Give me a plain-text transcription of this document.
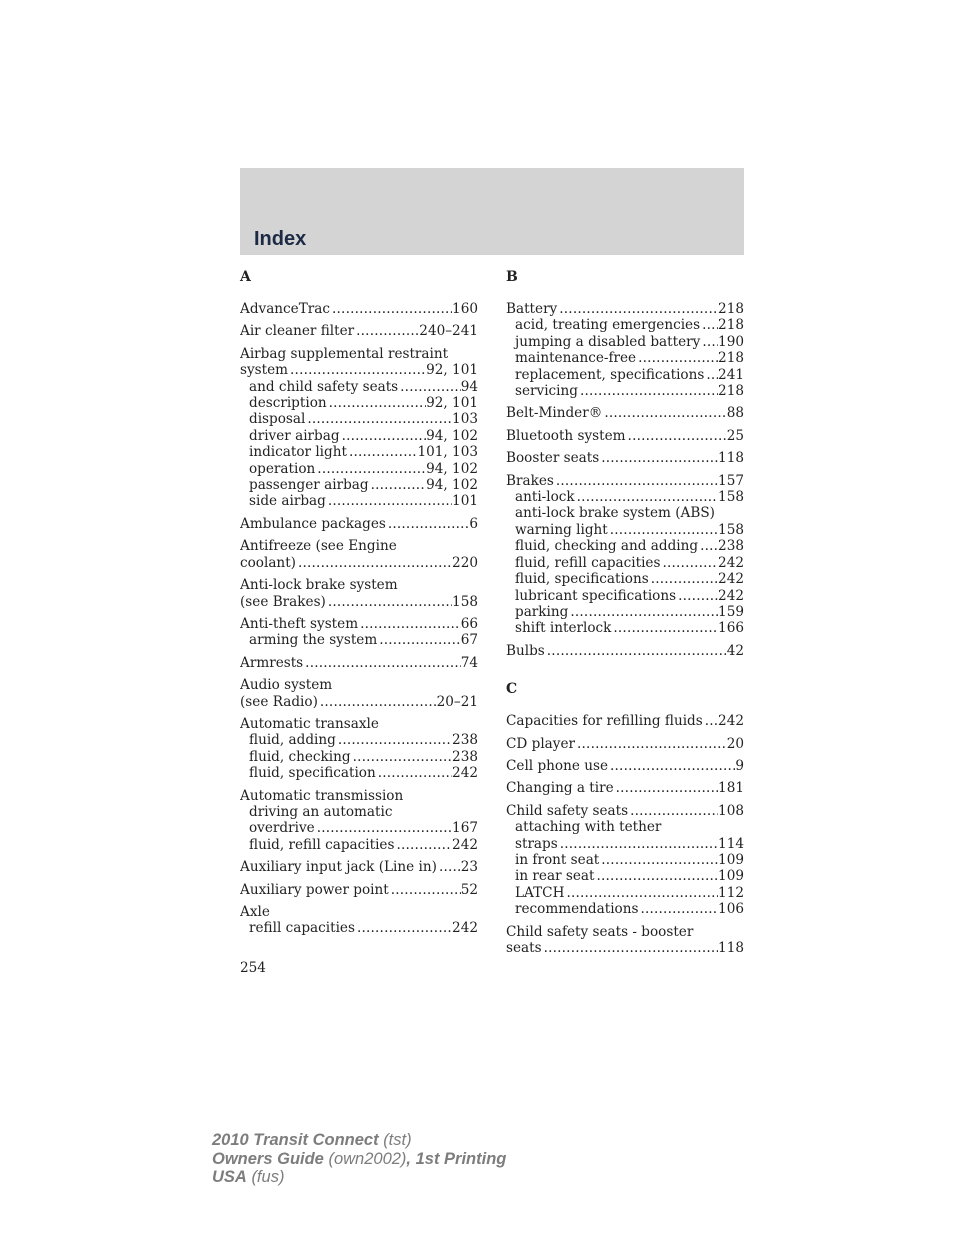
Index
A
AdvanceTrac .....	160
Air cleaner filter .....	240–241
Airbag supplemental restraint
system .....	92, 101
and child safety seats .....	94
description .....	92, 101
disposal .....	103
driver airbag .....	94, 102
indicator light .....	101, 103
operation .....	94, 102
passenger airbag .....	94, 102
side airbag .....	101
Ambulance packages .....	6
Antifreeze (see Engine
coolant) .....	220
Anti-lock brake system
(see Brakes) .....	158
Anti-theft system .....	66
arming the system .....	67
Armrests .....	74
Audio system
(see Radio) .....	20–21
Automatic transaxle
fluid, adding .....	238
fluid, checking .....	238
fluid, specification .....	242
Automatic transmission
driving an automatic
overdrive .....	167
fluid, refill capacities .....	242
Auxiliary input jack (Line in) ..... 23
Auxiliary power point .....	52
Axle
refill capacities .....	242
B
Battery .....	218
acid, treating emergencies ..... 218
jumping a disabled battery ..... 190
maintenance-free .....	218
replacement, specifications ..... 241
servicing .....	218
Belt-Minder® .....	88
Bluetooth system .....	25
Booster seats .....	118
Brakes .....	157
anti-lock .....	158
anti-lock brake system (ABS)
warning light .....	158
fluid, checking and adding ..... 238
fluid, refill capacities .....	242
fluid, specifications .....	242
lubricant specifications .....	242
parking .....	159
shift interlock .....	166
Bulbs .....	42
C
Capacities for refilling fluids ..... 242
CD player .....	20
Cell phone use .....	9
Changing a tire .....	181
Child safety seats .....	108
attaching with tether
straps .....	114
in front seat .....	109
in rear seat .....	109
LATCH .....	112
recommendations .....	106
Child safety seats - booster
seats .....	118
254
2010 Transit Connect (tst)
Owners Guide (own2002), 1st Printing
USA (fus)
